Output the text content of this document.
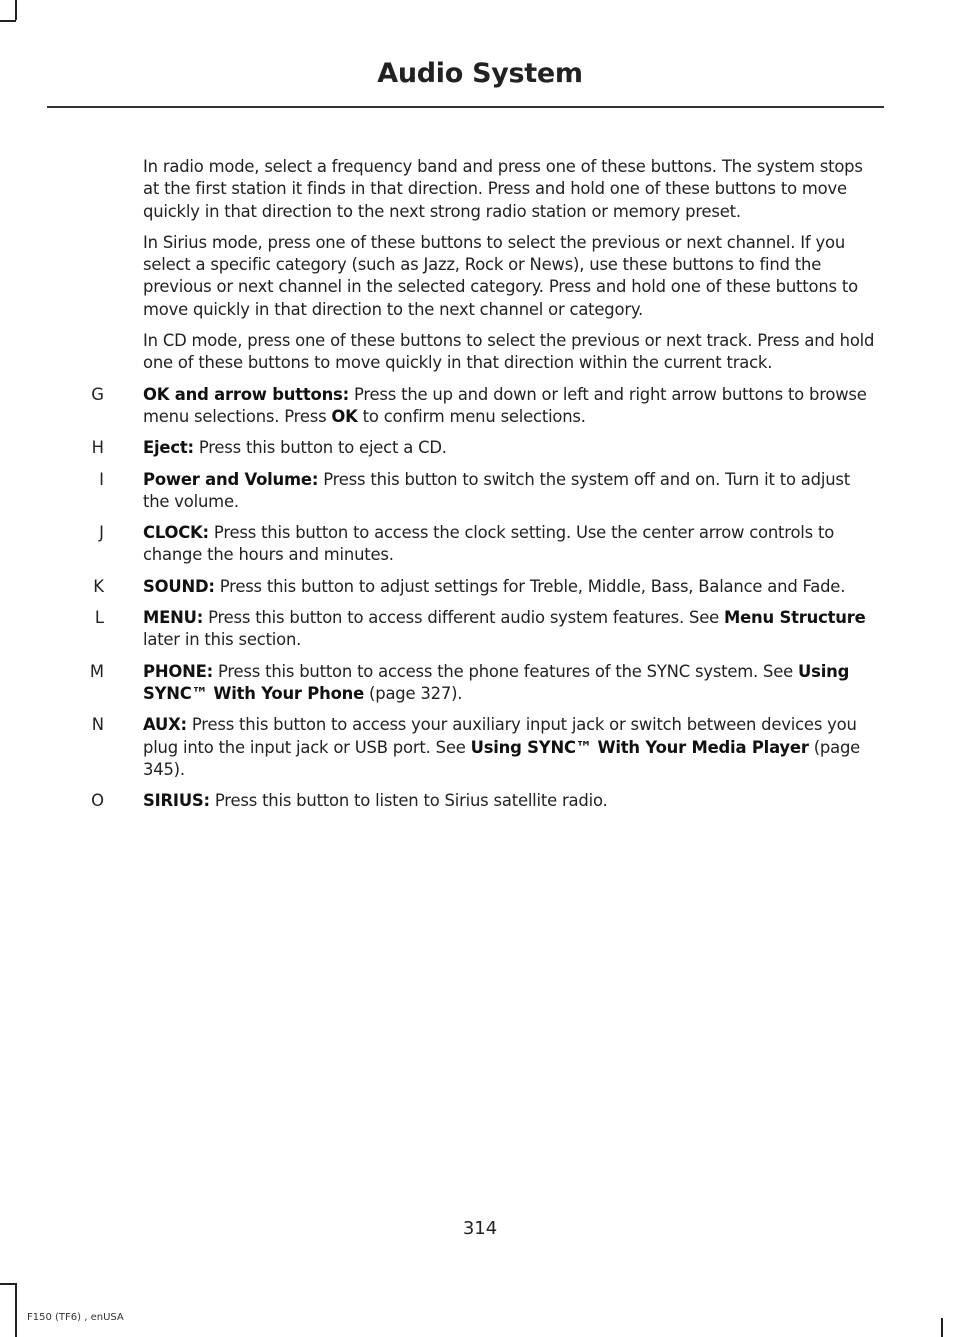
Audio System
In radio mode, select a frequency band and press one of these buttons. The system stops at the first station it finds in that direction. Press and hold one of these buttons to move quickly in that direction to the next strong radio station or memory preset.
In Sirius mode, press one of these buttons to select the previous or next channel. If you select a specific category (such as Jazz, Rock or News), use these buttons to find the previous or next channel in the selected category. Press and hold one of these buttons to move quickly in that direction to the next channel or category.
In CD mode, press one of these buttons to select the previous or next track. Press and hold one of these buttons to move quickly in that direction within the current track.
G OK and arrow buttons: Press the up and down or left and right arrow buttons to browse menu selections. Press OK to confirm menu selections.
H Eject: Press this button to eject a CD.
I Power and Volume: Press this button to switch the system off and on. Turn it to adjust the volume.
J CLOCK: Press this button to access the clock setting. Use the center arrow controls to change the hours and minutes.
K SOUND: Press this button to adjust settings for Treble, Middle, Bass, Balance and Fade.
L MENU: Press this button to access different audio system features. See Menu Structure later in this section.
M PHONE: Press this button to access the phone features of the SYNC system. See Using SYNC™ With Your Phone (page 327).
N AUX: Press this button to access your auxiliary input jack or switch between devices you plug into the input jack or USB port. See Using SYNC™ With Your Media Player (page 345).
O SIRIUS: Press this button to listen to Sirius satellite radio.
314
F150 (TF6) , enUSA
